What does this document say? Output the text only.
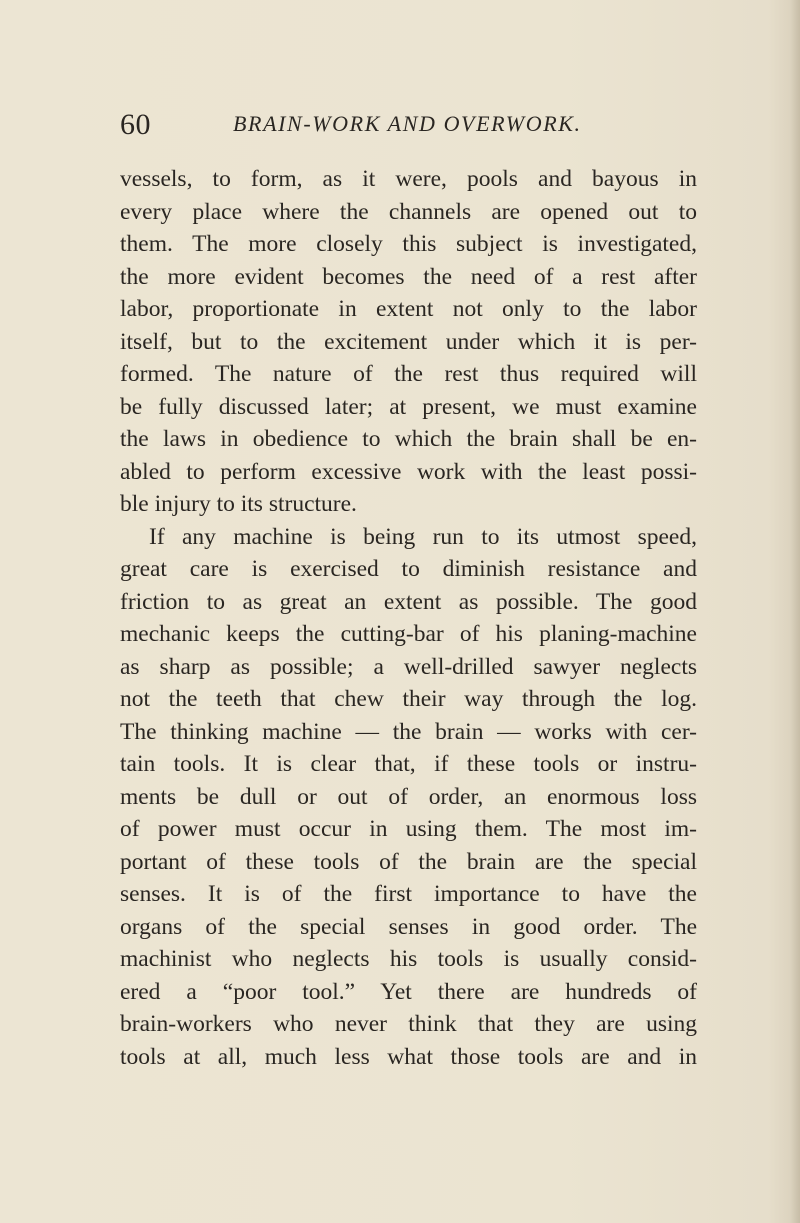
60	BRAIN-WORK AND OVERWORK.
vessels, to form, as it were, pools and bayous in
every place where the channels are opened out to
them. The more closely this subject is investigated,
the more evident becomes the need of a rest after
labor, proportionate in extent not only to the labor
itself, but to the excitement under which it is per-
formed. The nature of the rest thus required will
be fully discussed later; at present, we must examine
the laws in obedience to which the brain shall be en-
abled to perform excessive work with the least possi-
ble injury to its structure.
If any machine is being run to its utmost speed,
great care is exercised to diminish resistance and
friction to as great an extent as possible. The good
mechanic keeps the cutting-bar of his planing-machine
as sharp as possible; a well-drilled sawyer neglects
not the teeth that chew their way through the log.
The thinking machine — the brain — works with cer-
tain tools. It is clear that, if these tools or instru-
ments be dull or out of order, an enormous loss
of power must occur in using them. The most im-
portant of these tools of the brain are the special
senses. It is of the first importance to have the
organs of the special senses in good order. The
machinist who neglects his tools is usually consid-
ered a “poor tool.” Yet there are hundreds of
brain-workers who never think that they are using
tools at all, much less what those tools are and in
